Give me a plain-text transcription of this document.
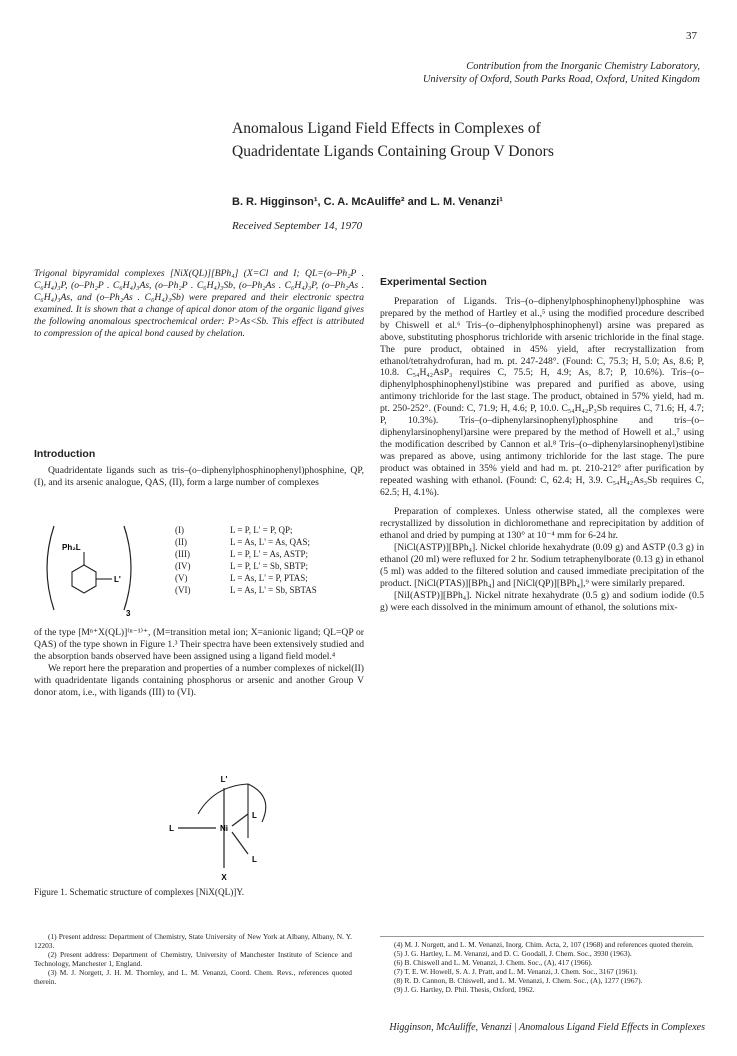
37
Contribution from the Inorganic Chemistry Laboratory,
University of Oxford, South Parks Road, Oxford, United Kingdom
Anomalous Ligand Field Effects in Complexes of
Quadridentate Ligands Containing Group V Donors
B. R. Higginson¹, C. A. McAuliffe² and L. M. Venanzi¹
Received September 14, 1970
Trigonal bipyramidal complexes [NiX(QL)][BPh₄] (X=Cl and I; QL=(o–Ph₂P . C₆H₄)₃P, (o–Ph₂P . C₆H₄)₃As, (o–Ph₂P . C₆H₄)₃Sb, (o–Ph₂As . C₆H₄)₃P, (o–Ph₂As . C₆H₄)₃As, and (o–Ph₂As . C₆H₄)₃Sb) were prepared and their electronic spectra examined. It is shown that a change of apical donor atom of the organic ligand gives the following anomalous spectrochemical order: P>As<Sb. This effect is attributed to compression of the apical bond caused by chelation.
Introduction

Quadridentate ligands such as tris–(o–diphenylphosphinophenyl)phosphine, QP, (I), and its arsenic analogue, QAS, (II), form a large number of complexes

Ph₂L
L'
3
(I)	L = P, L' = P, QP;
(II)	L = As, L' = As, QAS;
(III)	L = P, L' = As, ASTP;
(IV)	L = P, L' = Sb, SBTP;
(V)	L = As, L' = P, PTAS;
(VI)	L = As, L' = Sb, SBTAS

of the type [Mⁿ⁺X(QL)]⁽ⁿ⁻¹⁾⁺, (M=transition metal ion; X=anionic ligand; QL=QP or QAS) of the type shown in Figure 1.³ Their spectra have been extensively studied and the absorption bands observed have been assigned using a ligand field model.⁴

We report here the preparation and properties of a number complexes of nickel(II) with quadridentate ligands containing phosphorus or arsenic and another Group V donor atom, i.e., with ligands (III) to (VI).

L'
L	Ni
L
L
X
Figure 1. Schematic structure of complexes [NiX(QL)]Y.

(1) Present address: Department of Chemistry, State University of New York at Albany, Albany, N. Y. 12203.

(2) Present address: Department of Chemistry, University of Manchester Institute of Science and Technology, Manchester 1, England.

(3) M. J. Norgett, J. H. M. Thornley, and L. M. Venanzi, Coord. Chem. Revs., references quoted therein.

Experimental Section

Preparation of Ligands. Tris–(o–diphenylphosphinophenyl)phosphine was prepared by the method of Hartley et al.,⁵ using the modified procedure described by Chiswell et al.⁶ Tris–(o–diphenylphosphinophenyl) arsine was prepared as above, substituting phosphorus trichloride with arsenic trichloride in the final stage. The pure product, obtained in 45% yield, after recrystallization from ethanol/tetrahydrofuran, had m. pt. 247-248°. (Found: C, 75.3; H, 5.0; As, 8.6; P, 10.8. C₅₄H₄₂AsP₃ requires C, 75.5; H, 4.9; As, 8.7; P, 10.6%). Tris–(o–diphenylphosphinophenyl)stibine was prepared and purified as above, using antimony trichloride for the last stage. The product, obtained in 57% yield, had m. pt. 250-252°. (Found: C, 71.9; H, 4.6; P, 10.0. C₅₄H₄₂P₃Sb requires C, 71.6; H, 4.7; P, 10.3%). Tris–(o–diphenylarsinophenyl)phosphine and tris–(o–diphenylarsinophenyl)arsine were prepared by the method of Howell et al.,⁷ using the modification described by Cannon et al.⁸ Tris–(o–diphenylarsinophenyl)stibine was prepared as above, using antimony trichloride for the last stage. The pure product was obtained in 35% yield and had m. pt. 210-212° after purification by repeated washing with ethanol. (Found: C, 62.4; H, 3.9. C₅₄H₄₂As₃Sb requires C, 62.5; H, 4.1%).

Preparation of complexes. Unless otherwise stated, all the complexes were recrystallized by dissolution in dichloromethane and reprecipitation by addition of ethanol and dried by pumping at 130° at 10⁻⁴ mm for 6-24 hr.

[NiCl(ASTP)][BPh₄]. Nickel chloride hexahydrate (0.09 g) and ASTP (0.3 g) in ethanol (20 ml) were refluxed for 2 hr. Sodium tetraphenylborate (0.13 g) in ethanol (5 ml) was added to the filtered solution and caused immediate precipitation of the product. [NiCl(PTAS)][BPh₄] and [NiCl(QP)][BPh₄],⁹ were similarly prepared.

[NiI(ASTP)][BPh₄]. Nickel nitrate hexahydrate (0.5 g) and sodium iodide (0.5 g) were each dissolved in the minimum amount of ethanol, the solutions mix-

(4) M. J. Norgett, and L. M. Venanzi, Inorg. Chim. Acta, 2, 107 (1968) and references quoted therein.

(5) J. G. Hartley, L. M. Venanzi, and D. C. Goodall, J. Chem. Soc., 3930 (1963).

(6) B. Chiswell and L. M. Venanzi, J. Chem. Soc., (A), 417 (1966).

(7) T. E. W. Howell, S. A. J. Pratt, and L. M. Venanzi, J. Chem. Soc., 3167 (1961).

(8) R. D. Cannon, B. Chiswell, and L. M. Venanzi, J. Chem. Soc., (A), 1277 (1967).

(9) J. G. Hartley, D. Phil. Thesis, Oxford, 1962.

Higginson, McAuliffe, Venanzi | Anomalous Ligand Field Effects in Complexes
